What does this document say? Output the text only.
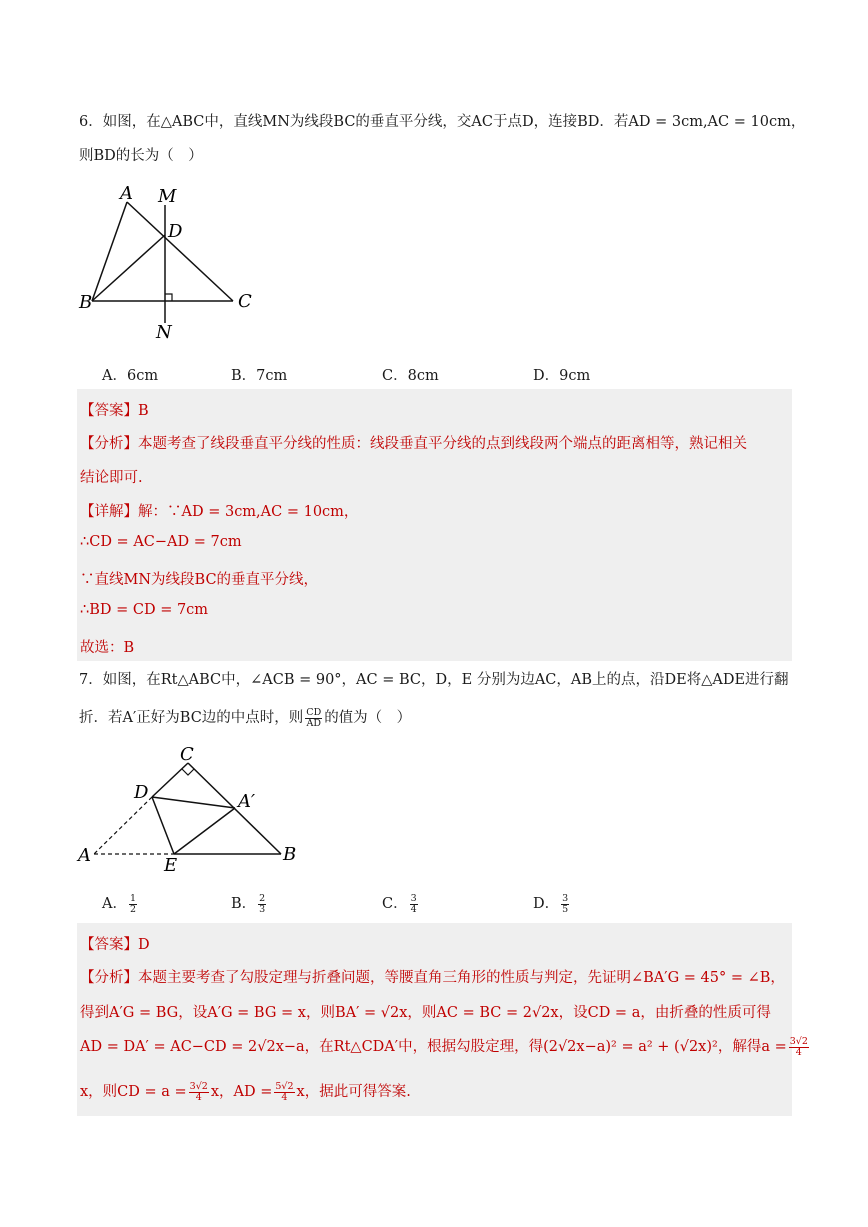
6．如图，在△ABC中，直线MN为线段BC的垂直平分线，交AC于点D，连接BD．若AD = 3cm,AC = 10cm，
则BD的长为（　）
A M
D
B	C
N
A．6cm	B．7cm	C．8cm	D．9cm
【答案】B
【分析】本题考查了线段垂直平分线的性质：线段垂直平分线的点到线段两个端点的距离相等，熟记相关
结论即可.
【详解】解：∵AD = 3cm,AC = 10cm，
∴CD = AC−AD = 7cm
∵直线MN为线段BC的垂直平分线，
∴BD = CD = 7cm
故选：B
7．如图，在Rt△ABC中，∠ACB = 90°，AC = BC，D，E 分别为边AC，AB上的点，沿DE将△ADE进行翻
折．若A′正好为BC边的中点时，则 $\frac{CD}{AD}$ 的值为（　）
C
D	A′
A	E
B
A． $\frac{1}{2}$	B． $\frac{2}{3}$	C． $\frac{3}{4}$	D． $\frac{3}{5}$
【答案】D
【分析】本题主要考查了勾股定理与折叠问题，等腰直角三角形的性质与判定，先证明∠BA′G = 45° = ∠B，
得到A′G = BG，设A′G = BG = x，则BA′ = √2x，则AC = BC = 2√2x，设CD = a，由折叠的性质可得
AD = DA′ = AC−CD = 2√2x−a，在Rt△CDA′中，根据勾股定理，得(2√2x−a)² = a² + (√2x)²，解得$a = \frac{3√2}{4}$
x，则CD = $a = \frac{3√2}{4}$ x，AD = $\frac{5√2}{4}$ x，据此可得答案.
